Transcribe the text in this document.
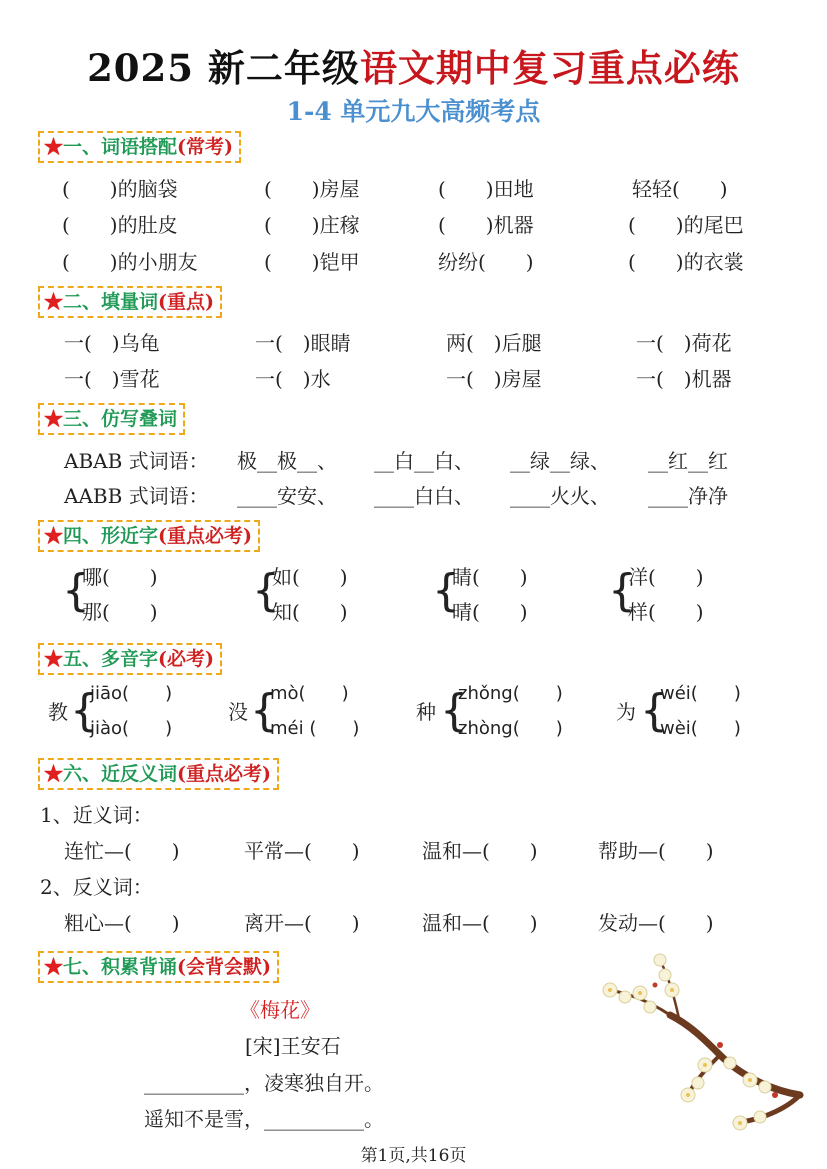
2025 新二年级语文期中复习重点必练
1-4 单元九大高频考点
★一、词语搭配(常考)
(　　)的脑袋	(　　)房屋	(　　)田地	轻轻(　　)
(　　)的肚皮	(　　)庄稼	(　　)机器	(　　)的尾巴
(　　)的小朋友	(　　)铠甲	纷纷(　　)	(　　)的衣裳
★二、填量词(重点)
一(　)乌龟	一(　)眼睛	两(　)后腿	一(　)荷花
一(　)雪花	一(　)水	一(　)房屋	一(　)机器
★三、仿写叠词
ABAB 式词语： 极__极__、 __白__白、 __绿__绿、 __红__红
AABB 式词语： ____安安、 ____白白、 ____火火、 ____净净
★四、形近字(重点必考)
{
哪(　　)
那(　　) {
如(　　)
知(　　) {
睛(　　)
晴(　　) {
洋(　　)
样(　　)
★五、多音字(必考)
教 {
jiāo(　　)
jiào(　　)
没 {
mò(　　)
méi (　　)
种 {
zhǒng(　　)
zhòng(　　)
为 {
wéi(　　)
wèi(　　)
★六、近反义词(重点必考)
1、近义词：
连忙—(　　)	平常—(　　)	温和—(　　)	帮助—(　　)
2、反义词：
粗心—(　　)	离开—(　　)	温和—(　　)	发动—(　　)
★七、积累背诵(会背会默)
《梅花》
[宋]王安石
__________，凌寒独自开。
遥知不是雪，__________。
第1页,共16页
